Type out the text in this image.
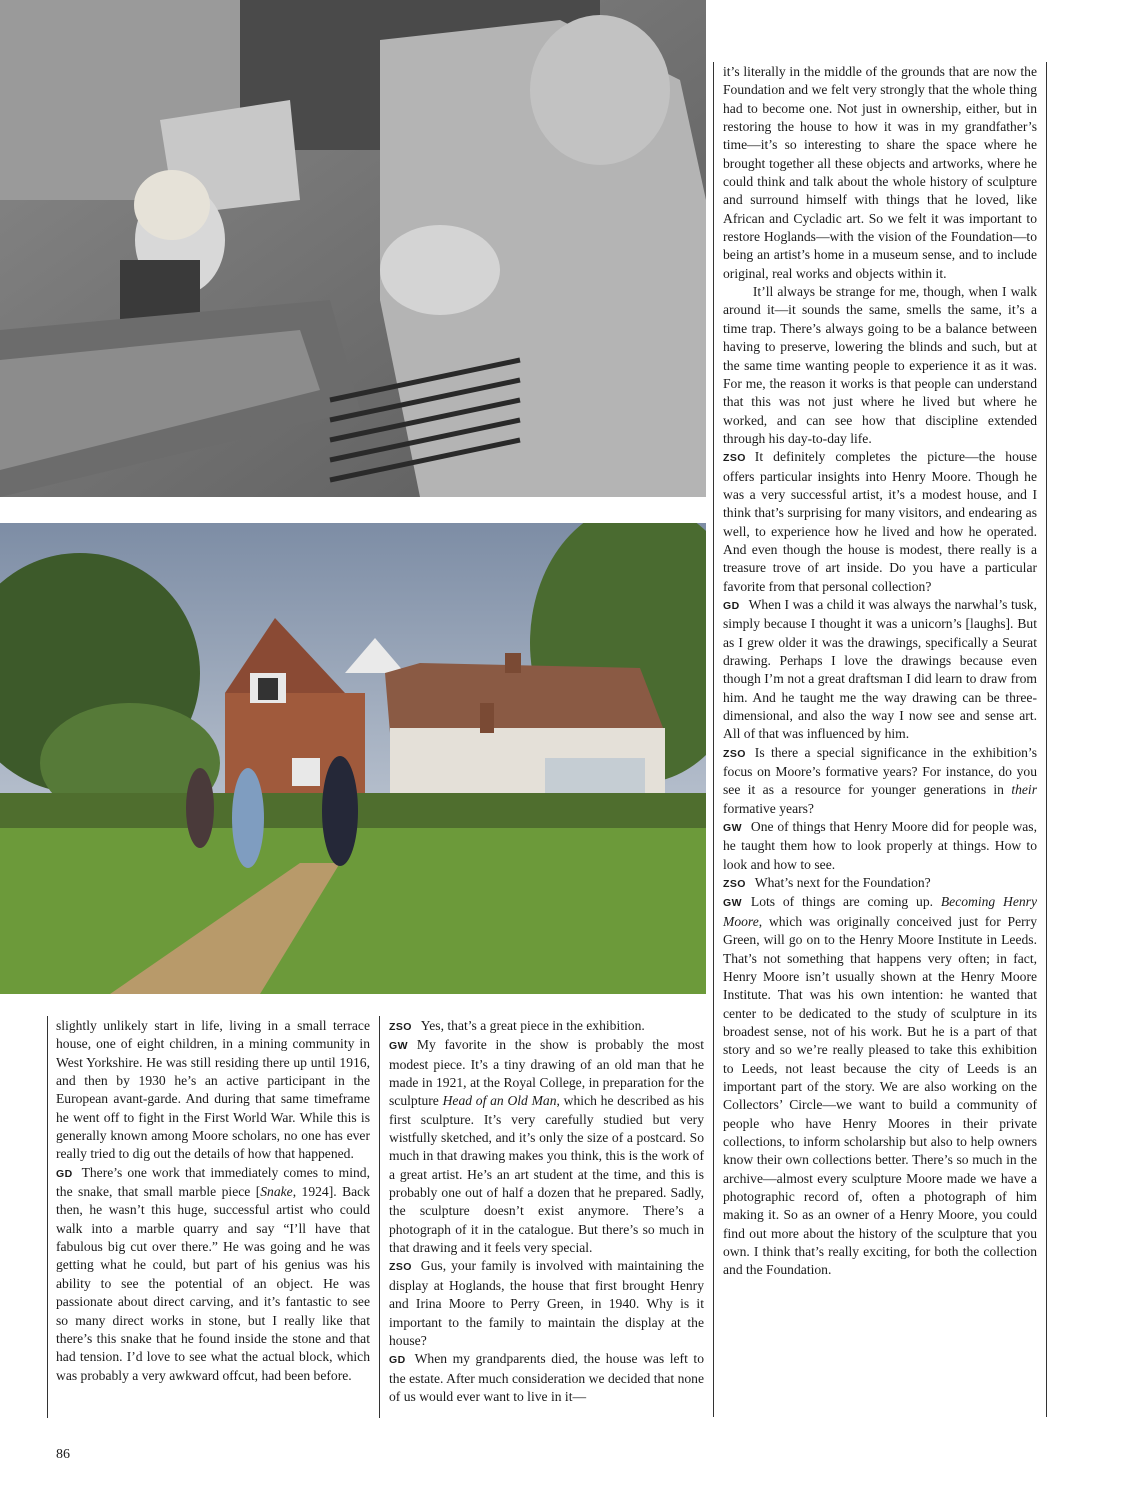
slightly unlikely start in life, living in a small terrace house, one of eight children, in a mining community in West Yorkshire. He was still residing there up until 1916, and then by 1930 he’s an active participant in the European avant-garde. And during that same timeframe he went off to fight in the First World War. While this is generally known among Moore scholars, no one has ever really tried to dig out the details of how that happened.

GD There’s one work that immediately comes to mind, the snake, that small marble piece [Snake, 1924]. Back then, he wasn’t this huge, successful artist who could walk into a marble quarry and say “I’ll have that fabulous big cut over there.” He was going and he was getting what he could, but part of his genius was his ability to see the potential of an object. He was passionate about direct carving, and it’s fantastic to see so many direct works in stone, but I really like that there’s this snake that he found inside the stone and that had tension. I’d love to see what the actual block, which was probably a very awkward offcut, had been before.

ZSO Yes, that’s a great piece in the exhibition.

GW My favorite in the show is probably the most modest piece. It’s a tiny drawing of an old man that he made in 1921, at the Royal College, in preparation for the sculpture Head of an Old Man, which he described as his first sculpture. It’s very carefully studied but very wistfully sketched, and it’s only the size of a postcard. So much in that drawing makes you think, this is the work of a great artist. He’s an art student at the time, and this is probably one out of half a dozen that he prepared. Sadly, the sculpture doesn’t exist anymore. There’s a photograph of it in the catalogue. But there’s so much in that drawing and it feels very special.

ZSO Gus, your family is involved with maintaining the display at Hoglands, the house that first brought Henry and Irina Moore to Perry Green, in 1940. Why is it important to the family to maintain the display at the house?

GD When my grandparents died, the house was left to the estate. After much consideration we decided that none of us would ever want to live in it—

it’s literally in the middle of the grounds that are now the Foundation and we felt very strongly that the whole thing had to become one. Not just in ownership, either, but in restoring the house to how it was in my grandfather’s time—it’s so interesting to share the space where he brought together all these objects and artworks, where he could think and talk about the whole history of sculpture and surround himself with things that he loved, like African and Cycladic art. So we felt it was important to restore Hoglands—with the vision of the Foundation—to being an artist’s home in a museum sense, and to include original, real works and objects within it.

It’ll always be strange for me, though, when I walk around it—it sounds the same, smells the same, it’s a time trap. There’s always going to be a balance between having to preserve, lowering the blinds and such, but at the same time wanting people to experience it as it was. For me, the reason it works is that people can understand that this was not just where he lived but where he worked, and can see how that discipline extended through his day-to-day life.

ZSO It definitely completes the picture—the house offers particular insights into Henry Moore. Though he was a very successful artist, it’s a modest house, and I think that’s surprising for many visitors, and endearing as well, to experience how he lived and how he operated. And even though the house is modest, there really is a treasure trove of art inside. Do you have a particular favorite from that personal collection?

GD When I was a child it was always the narwhal’s tusk, simply because I thought it was a unicorn’s [laughs]. But as I grew older it was the drawings, specifically a Seurat drawing. Perhaps I love the drawings because even though I’m not a great draftsman I did learn to draw from him. And he taught me the way drawing can be three-dimensional, and also the way I now see and sense art. All of that was influenced by him.

ZSO Is there a special significance in the exhibition’s focus on Moore’s formative years? For instance, do you see it as a resource for younger generations in their formative years?

GW One of things that Henry Moore did for people was, he taught them how to look properly at things. How to look and how to see.

ZSO What’s next for the Foundation?

GW Lots of things are coming up. Becoming Henry Moore, which was originally conceived just for Perry Green, will go on to the Henry Moore Institute in Leeds. That’s not something that happens very often; in fact, Henry Moore isn’t usually shown at the Henry Moore Institute. That was his own intention: he wanted that center to be dedicated to the study of sculpture in its broadest sense, not of his work. But he is a part of that story and so we’re really pleased to take this exhibition to Leeds, not least because the city of Leeds is an important part of the story. We are also working on the Collectors’ Circle—we want to build a community of people who have Henry Moores in their private collections, to inform scholarship but also to help owners know their own collections better. There’s so much in the archive—almost every sculpture Moore made we have a photographic record of, often a photograph of him making it. So as an owner of a Henry Moore, you could find out more about the history of the sculpture that you own. I think that’s really exciting, for both the collection and the Foundation.

86
